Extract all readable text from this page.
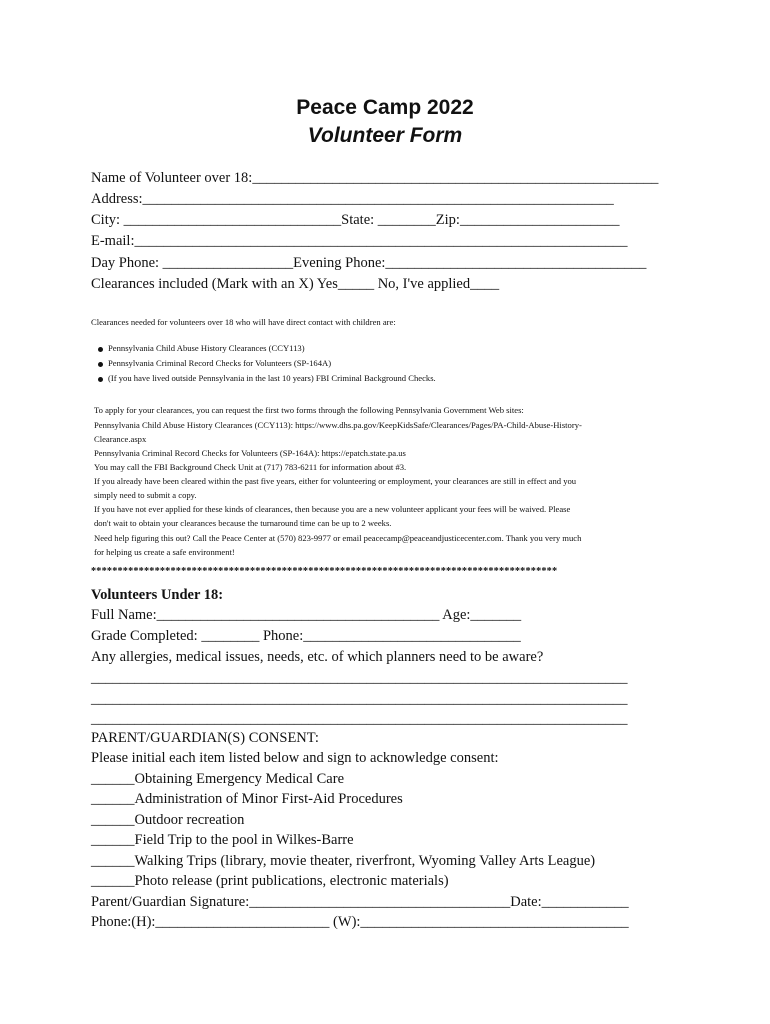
Peace Camp 2022
Volunteer Form
Name of Volunteer over 18:________________________________________________________
Address:_________________________________________________________________
City: ______________________________State: ________Zip:______________________
E-mail:____________________________________________________________________
Day Phone: __________________Evening Phone:____________________________________
Clearances included (Mark with an X) Yes_____ No, I've applied____
Clearances needed for volunteers over 18 who will have direct contact with children are:
Pennsylvania Child Abuse History Clearances (CCY113)
Pennsylvania Criminal Record Checks for Volunteers (SP-164A)
(If you have lived outside Pennsylvania in the last 10 years) FBI Criminal Background Checks.
To apply for your clearances, you can request the first two forms through the following Pennsylvania Government Web sites:
Pennsylvania Child Abuse History Clearances (CCY113): https://www.dhs.pa.gov/KeepKidsSafe/Clearances/Pages/PA-Child-Abuse-History-
Clearance.aspx
Pennsylvania Criminal Record Checks for Volunteers (SP-164A): https://epatch.state.pa.us
You may call the FBI Background Check Unit at (717) 783-6211 for information about #3.
If you already have been cleared within the past five years, either for volunteering or employment, your clearances are still in effect and you
simply need to submit a copy.
If you have not ever applied for these kinds of clearances, then because you are a new volunteer applicant your fees will be waived. Please
don't wait to obtain your clearances because the turnaround time can be up to 2 weeks.
Need help figuring this out? Call the Peace Center at (570) 823-9977 or email peacecamp@peaceandjusticecenter.com. Thank you very much
for helping us create a safe environment!
****************************************************************************************
Volunteers Under 18:
Full Name:_______________________________________ Age:_______
Grade Completed: ________ Phone:______________________________
Any allergies, medical issues, needs, etc. of which planners need to be aware?
__________________________________________________________________________
__________________________________________________________________________
__________________________________________________________________________
PARENT/GUARDIAN(S) CONSENT:
Please initial each item listed below and sign to acknowledge consent:
______Obtaining Emergency Medical Care
______Administration of Minor First-Aid Procedures
______Outdoor recreation
______Field Trip to the pool in Wilkes-Barre
______Walking Trips (library, movie theater, riverfront, Wyoming Valley Arts League)
______Photo release (print publications, electronic materials)
Parent/Guardian Signature:____________________________________Date:____________
Phone:(H):________________________ (W):_____________________________________
